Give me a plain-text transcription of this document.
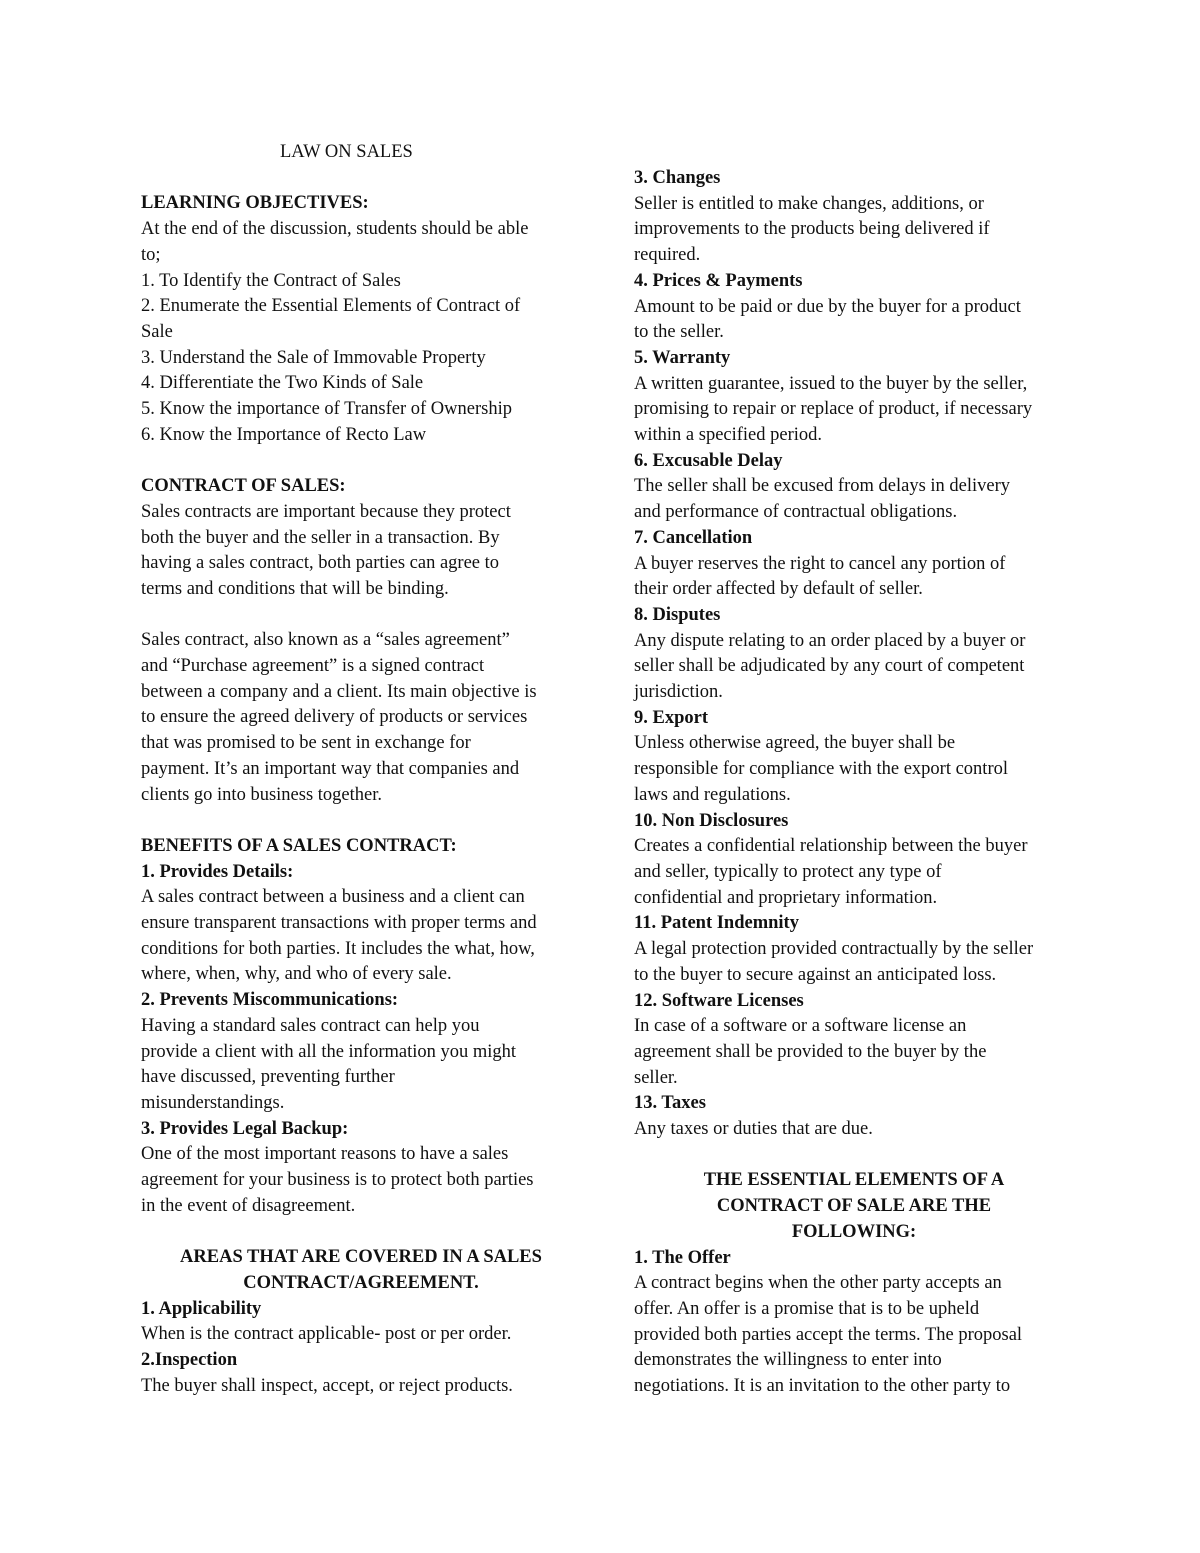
LAW ON SALES
LEARNING OBJECTIVES:
At the end of the discussion, students should be able
to;
1. To Identify the Contract of Sales
2. Enumerate the Essential Elements of Contract of
Sale
3. Understand the Sale of Immovable Property
4. Differentiate the Two Kinds of Sale
5. Know the importance of Transfer of Ownership
6. Know the Importance of Recto Law
CONTRACT OF SALES:
Sales contracts are important because they protect
both the buyer and the seller in a transaction. By
having a sales contract, both parties can agree to
terms and conditions that will be binding.
Sales contract, also known as a “sales agreement”
and “Purchase agreement” is a signed contract
between a company and a client. Its main objective is
to ensure the agreed delivery of products or services
that was promised to be sent in exchange for
payment. It’s an important way that companies and
clients go into business together.
BENEFITS OF A SALES CONTRACT:
1. Provides Details:
A sales contract between a business and a client can
ensure transparent transactions with proper terms and
conditions for both parties. It includes the what, how,
where, when, why, and who of every sale.
2. Prevents Miscommunications:
Having a standard sales contract can help you
provide a client with all the information you might
have discussed, preventing further
misunderstandings.
3. Provides Legal Backup:
One of the most important reasons to have a sales
agreement for your business is to protect both parties
in the event of disagreement.
AREAS THAT ARE COVERED IN A SALES
CONTRACT/AGREEMENT.
1. Applicability
When is the contract applicable- post or per order.
2.Inspection
The buyer shall inspect, accept, or reject products.
3. Changes
Seller is entitled to make changes, additions, or
improvements to the products being delivered if
required.
4. Prices & Payments
Amount to be paid or due by the buyer for a product
to the seller.
5. Warranty
A written guarantee, issued to the buyer by the seller,
promising to repair or replace of product, if necessary
within a specified period.
6. Excusable Delay
The seller shall be excused from delays in delivery
and performance of contractual obligations.
7. Cancellation
A buyer reserves the right to cancel any portion of
their order affected by default of seller.
8. Disputes
Any dispute relating to an order placed by a buyer or
seller shall be adjudicated by any court of competent
jurisdiction.
9. Export
Unless otherwise agreed, the buyer shall be
responsible for compliance with the export control
laws and regulations.
10. Non Disclosures
Creates a confidential relationship between the buyer
and seller, typically to protect any type of
confidential and proprietary information.
11. Patent Indemnity
A legal protection provided contractually by the seller
to the buyer to secure against an anticipated loss.
12. Software Licenses
In case of a software or a software license an
agreement shall be provided to the buyer by the
seller.
13. Taxes
Any taxes or duties that are due.
THE ESSENTIAL ELEMENTS OF A
CONTRACT OF SALE ARE THE
FOLLOWING:
1. The Offer
A contract begins when the other party accepts an
offer. An offer is a promise that is to be upheld
provided both parties accept the terms. The proposal
demonstrates the willingness to enter into
negotiations. It is an invitation to the other party to
